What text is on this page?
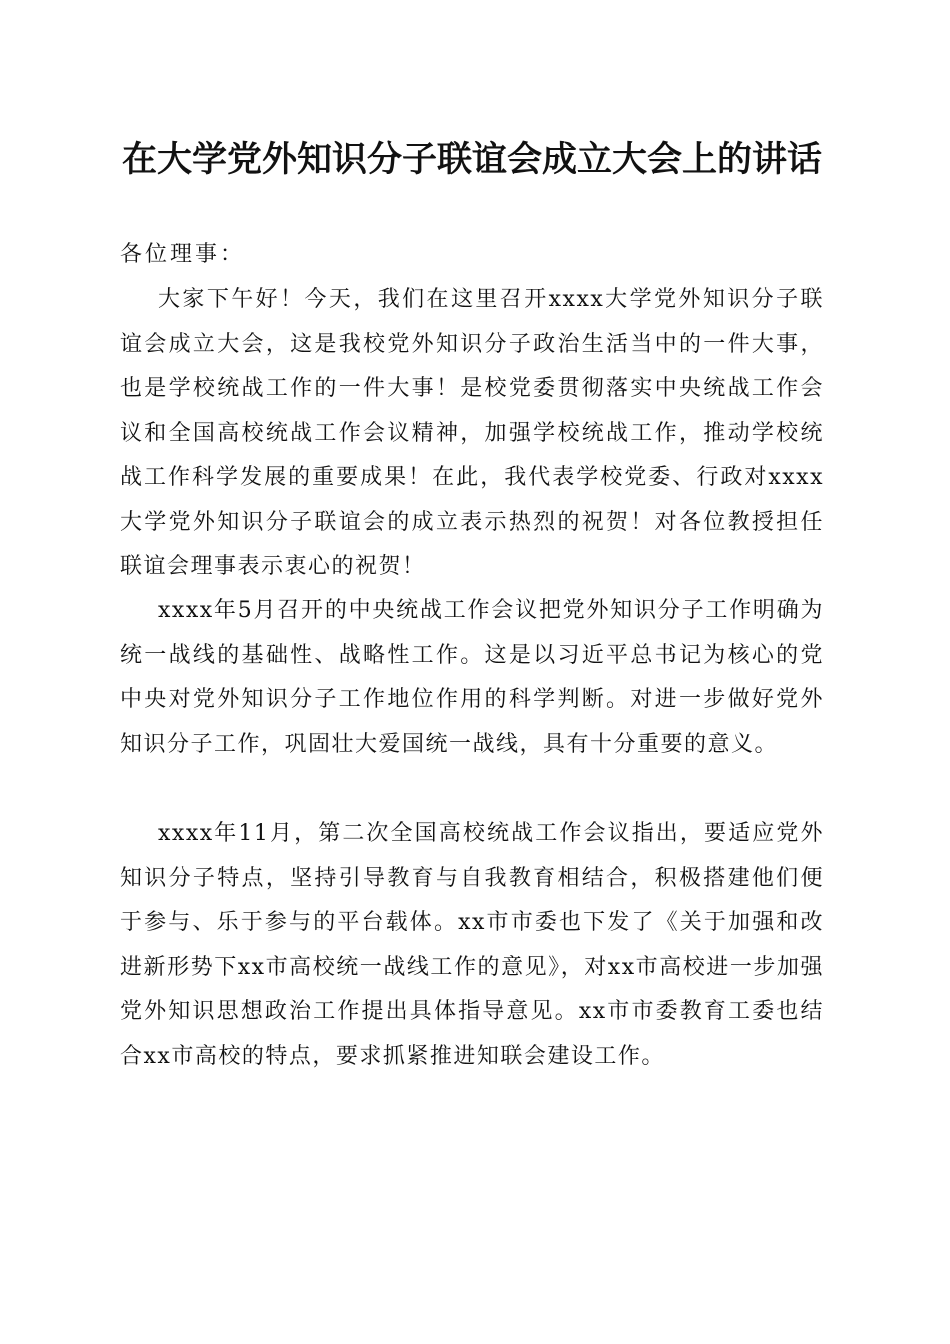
在大学党外知识分子联谊会成立大会上的讲话

各位理事：

大家下午好！今天，我们在这里召开xxxx大学党外知识分子联谊会成立大会，这是我校党外知识分子政治生活当中的一件大事，也是学校统战工作的一件大事！是校党委贯彻落实中央统战工作会议和全国高校统战工作会议精神，加强学校统战工作，推动学校统战工作科学发展的重要成果！在此，我代表学校党委、行政对xxxx大学党外知识分子联谊会的成立表示热烈的祝贺！对各位教授担任联谊会理事表示衷心的祝贺！

xxxx年5月召开的中央统战工作会议把党外知识分子工作明确为统一战线的基础性、战略性工作。这是以习近平总书记为核心的党中央对党外知识分子工作地位作用的科学判断。对进一步做好党外知识分子工作，巩固壮大爱国统一战线，具有十分重要的意义。

xxxx年11月，第二次全国高校统战工作会议指出，要适应党外知识分子特点，坚持引导教育与自我教育相结合，积极搭建他们便于参与、乐于参与的平台载体。xx市市委也下发了《关于加强和改进新形势下xx市高校统一战线工作的意见》，对xx市高校进一步加强党外知识思想政治工作提出具体指导意见。xx市市委教育工委也结合xx市高校的特点，要求抓紧推进知联会建设工作。
